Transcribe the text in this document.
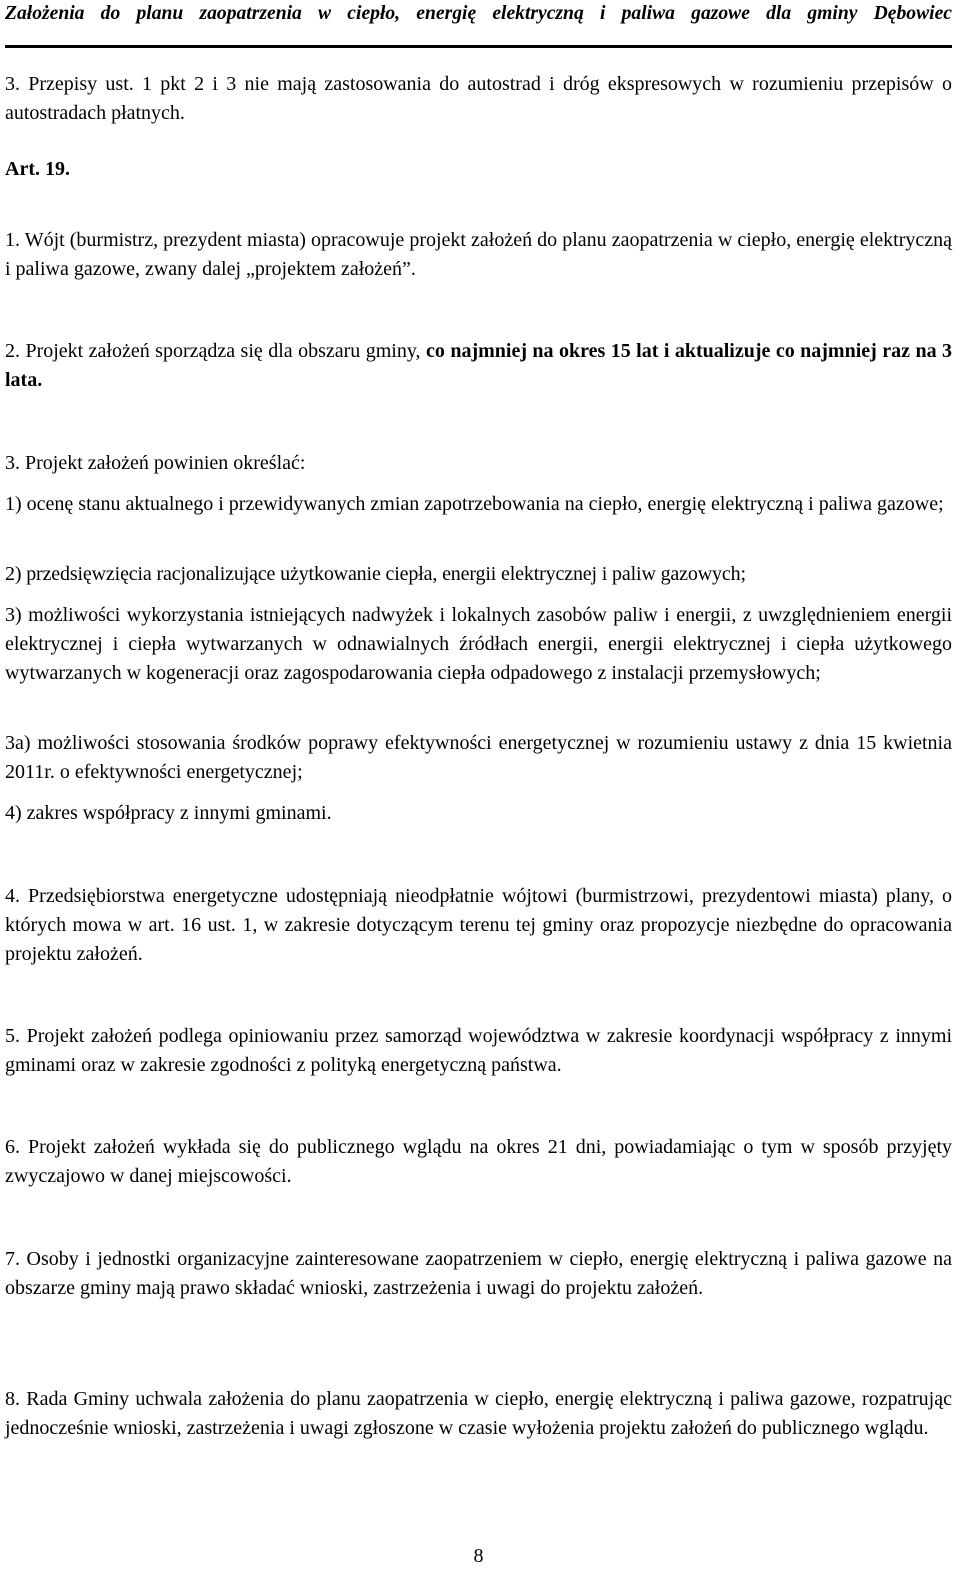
Założenia do planu zaopatrzenia w ciepło, energię elektryczną i paliwa gazowe dla gminy Dębowiec

3. Przepisy ust. 1 pkt 2 i 3 nie mają zastosowania do autostrad i dróg ekspresowych w rozumieniu przepisów o autostradach płatnych.

Art. 19.

1. Wójt (burmistrz, prezydent miasta) opracowuje projekt założeń do planu zaopatrzenia w ciepło, energię elektryczną i paliwa gazowe, zwany dalej „projektem założeń”.

2. Projekt założeń sporządza się dla obszaru gminy, co najmniej na okres 15 lat i aktualizuje co najmniej raz na 3 lata.

3. Projekt założeń powinien określać:

1) ocenę stanu aktualnego i przewidywanych zmian zapotrzebowania na ciepło, energię elektryczną i paliwa gazowe;

2) przedsięwzięcia racjonalizujące użytkowanie ciepła, energii elektrycznej i paliw gazowych;

3) możliwości wykorzystania istniejących nadwyżek i lokalnych zasobów paliw i energii, z uwzględnieniem energii elektrycznej i ciepła wytwarzanych w odnawialnych źródłach energii, energii elektrycznej i ciepła użytkowego wytwarzanych w kogeneracji oraz zagospodarowania ciepła odpadowego z instalacji przemysłowych;

3a) możliwości stosowania środków poprawy efektywności energetycznej w rozumieniu ustawy z dnia 15 kwietnia 2011r. o efektywności energetycznej;

4) zakres współpracy z innymi gminami.

4. Przedsiębiorstwa energetyczne udostępniają nieodpłatnie wójtowi (burmistrzowi, prezydentowi miasta) plany, o których mowa w art. 16 ust. 1, w zakresie dotyczącym terenu tej gminy oraz propozycje niezbędne do opracowania projektu założeń.

5. Projekt założeń podlega opiniowaniu przez samorząd województwa w zakresie koordynacji współpracy z innymi gminami oraz w zakresie zgodności z polityką energetyczną państwa.

6. Projekt założeń wykłada się do publicznego wglądu na okres 21 dni, powiadamiając o tym w sposób przyjęty zwyczajowo w danej miejscowości.

7. Osoby i jednostki organizacyjne zainteresowane zaopatrzeniem w ciepło, energię elektryczną i paliwa gazowe na obszarze gminy mają prawo składać wnioski, zastrzeżenia i uwagi do projektu założeń.

8. Rada Gminy uchwala założenia do planu zaopatrzenia w ciepło, energię elektryczną i paliwa gazowe, rozpatrując jednocześnie wnioski, zastrzeżenia i uwagi zgłoszone w czasie wyłożenia projektu założeń do publicznego wglądu.

8
